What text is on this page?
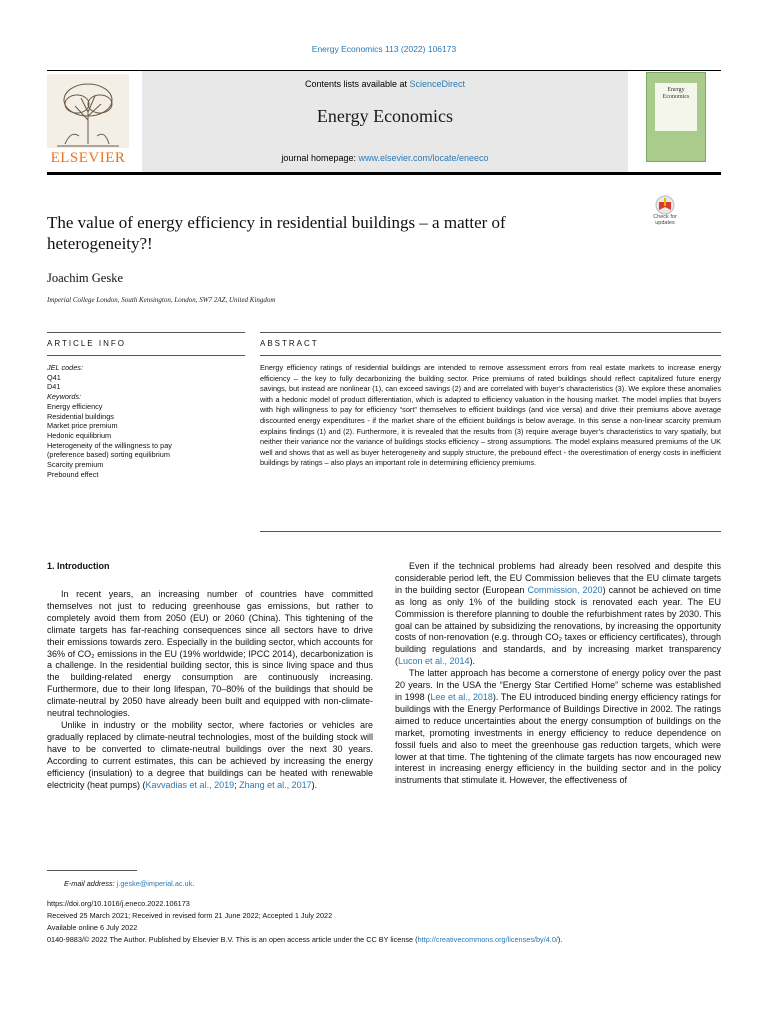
Energy Economics 113 (2022) 106173
Contents lists available at ScienceDirect
Energy Economics
journal homepage: www.elsevier.com/locate/eneeco
ELSEVIER
Energy Economics
The value of energy efficiency in residential buildings – a matter of heterogeneity?!
Check for updates
Joachim Geske
Imperial College London, South Kensington, London, SW7 2AZ, United Kingdom
ARTICLE INFO	ABSTRACT
JEL codes:
Q41
D41
Keywords:
Energy efficiency
Residential buildings
Market price premium
Hedonic equilibrium
Heterogeneity of the willingness to pay
(preference based) sorting equilibrium
Scarcity premium
Prebound effect
Energy efficiency ratings of residential buildings are intended to remove assessment errors from real estate markets to increase energy efficiency – the key to fully decarbonizing the building sector. Price premiums of rated buildings should reflect capitalized future energy savings, but instead are nonlinear (1), can exceed savings (2) and are correlated with buyer’s characteristics (3). We explore these anomalies with a hedonic model of product differentiation, which is adapted to efficiency valuation in the housing market. The model implies that buyers with high willingness to pay for efficiency “sort” themselves to efficient buildings (and vice versa) and drive their premiums above average discounted energy expenditures - if the market share of the efficient buildings is below average. In this sense a non-linear scarcity premium explains findings (1) and (2). Furthermore, it is revealed that the results from (3) require average buyer’s characteristics to vary spatially, but neither their variance nor the variance of buildings stocks efficiency – strong assumptions. The model explains measured premiums of the UK well and shows that as well as buyer heterogeneity and supply structure, the prebound effect - the overestimation of energy costs in inefficient buildings by ratings – also plays an important role in determining efficiency premiums.
1. Introduction

In recent years, an increasing number of countries have committed themselves not just to reducing greenhouse gas emissions, but rather to completely avoid them from 2050 (EU) or 2060 (China). This tightening of the climate targets has far-reaching consequences since all sectors have to drive their emissions towards zero. Especially in the building sector, which accounts for 36% of CO₂ emissions in the EU (19% worldwide; IPCC 2014), decarbonization is a challenge. In the residential building sector, this is since living space and thus the building-related energy consumption are continuously increasing. Furthermore, due to their long lifespan, 70–80% of the buildings that should be climate-neutral by 2050 have already been built and equipped with non-climate-neutral technologies.

Unlike in industry or the mobility sector, where factories or vehicles are gradually replaced by climate-neutral technologies, most of the building stock will have to be converted to climate-neutral buildings over the next 30 years. According to current estimates, this can be achieved by increasing the energy efficiency (insulation) to a degree that buildings can be heated with renewable electricity (heat pumps) (Kavvadias et al., 2019; Zhang et al., 2017).

Even if the technical problems had already been resolved and despite this considerable period left, the EU Commission believes that the EU climate targets in the building sector (European Commission, 2020) cannot be achieved on time as long as only 1% of the building stock is renovated each year. The EU Commission is therefore planning to double the refurbishment rates by 2030. This goal can be attained by subsidizing the renovations, by increasing the opportunity costs of non-renovation (e.g. through CO₂ taxes or efficiency certificates), through building regulations and standards, and by increasing market transparency (Lucon et al., 2014).

The latter approach has become a cornerstone of energy policy over the past 20 years. In the USA the “Energy Star Certified Home” scheme was established in 1998 (Lee et al., 2018). The EU introduced binding energy efficiency ratings for buildings with the Energy Performance of Buildings Directive in 2002. The ratings aimed to reduce uncertainties about the energy consumption of buildings on the market, promoting investments in energy efficiency to reduce dependence on fossil fuels and also to meet the greenhouse gas reduction targets, which were lower at that time. The tightening of the climate targets has now encouraged new interest in increasing energy efficiency in the building sector and in the policy instruments that stimulate it. However, the effectiveness of

E-mail address: j.geske@imperial.ac.uk.
https://doi.org/10.1016/j.eneco.2022.106173
Received 25 March 2021; Received in revised form 21 June 2022; Accepted 1 July 2022
Available online 6 July 2022
0140-9883/© 2022 The Author. Published by Elsevier B.V. This is an open access article under the CC BY license (http://creativecommons.org/licenses/by/4.0/).
